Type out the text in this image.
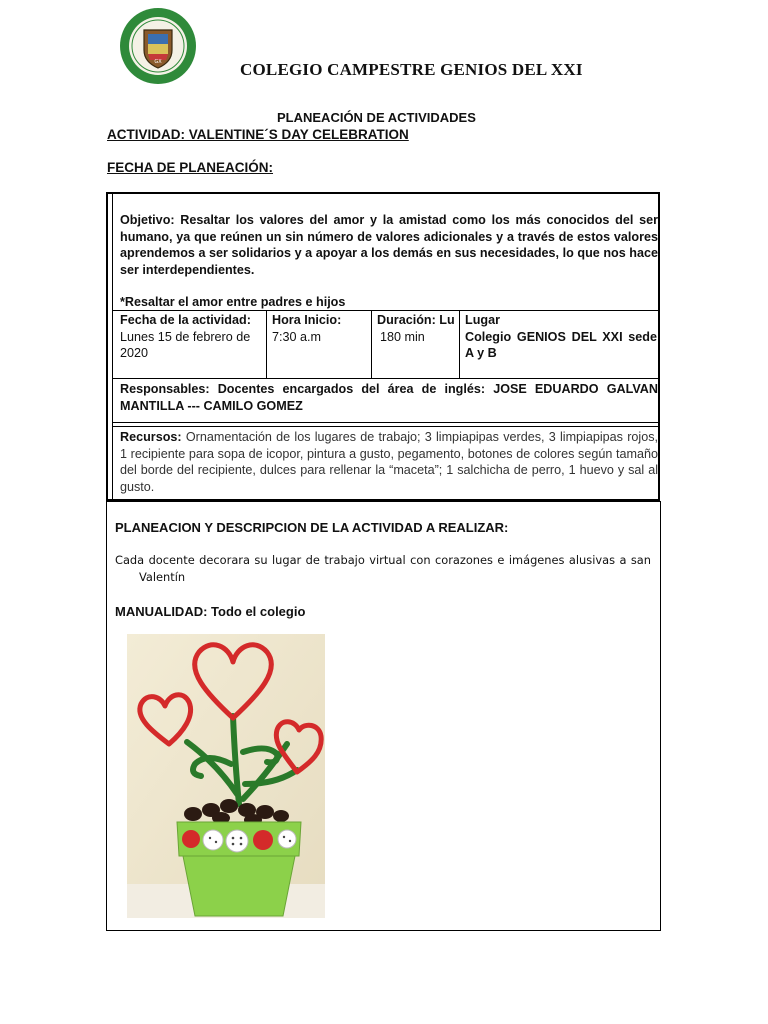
GX	COLEGIO CAMPESTRE GENIOS DEL XXI
PLANEACIÓN DE ACTIVIDADES
ACTIVIDAD: VALENTINE´S DAY CELEBRATION
FECHA DE PLANEACIÓN:
Objetivo: Resaltar los valores del amor y la amistad como los más conocidos del ser humano, ya que reúnen un sin número de valores adicionales y a través de estos valores aprendemos a ser solidarios y a apoyar a los demás en sus necesidades, lo que nos hace ser interdependientes.
*Resaltar el amor entre padres e hijos
Fecha de la actividad:
Lunes 15 de febrero de 2020
Hora Inicio:
7:30 a.m
Duración: Lu
180 min
Lugar
Colegio GENIOS DEL XXI sede A y B
Responsables: Docentes encargados del área de inglés: JOSE EDUARDO GALVAN MANTILLA --- CAMILO GOMEZ
Recursos: Ornamentación de los lugares de trabajo; 3 limpiapipas verdes, 3 limpiapipas rojos, 1 recipiente para sopa de icopor, pintura a gusto, pegamento, botones de colores según tamaño del borde del recipiente, dulces para rellenar la “maceta”; 1 salchicha de perro, 1 huevo y sal al gusto.
PLANEACION Y DESCRIPCION DE LA ACTIVIDAD A REALIZAR:
Cada docente decorara su lugar de trabajo virtual con corazones e imágenes alusivas a san
Valentín
MANUALIDAD: Todo el colegio
